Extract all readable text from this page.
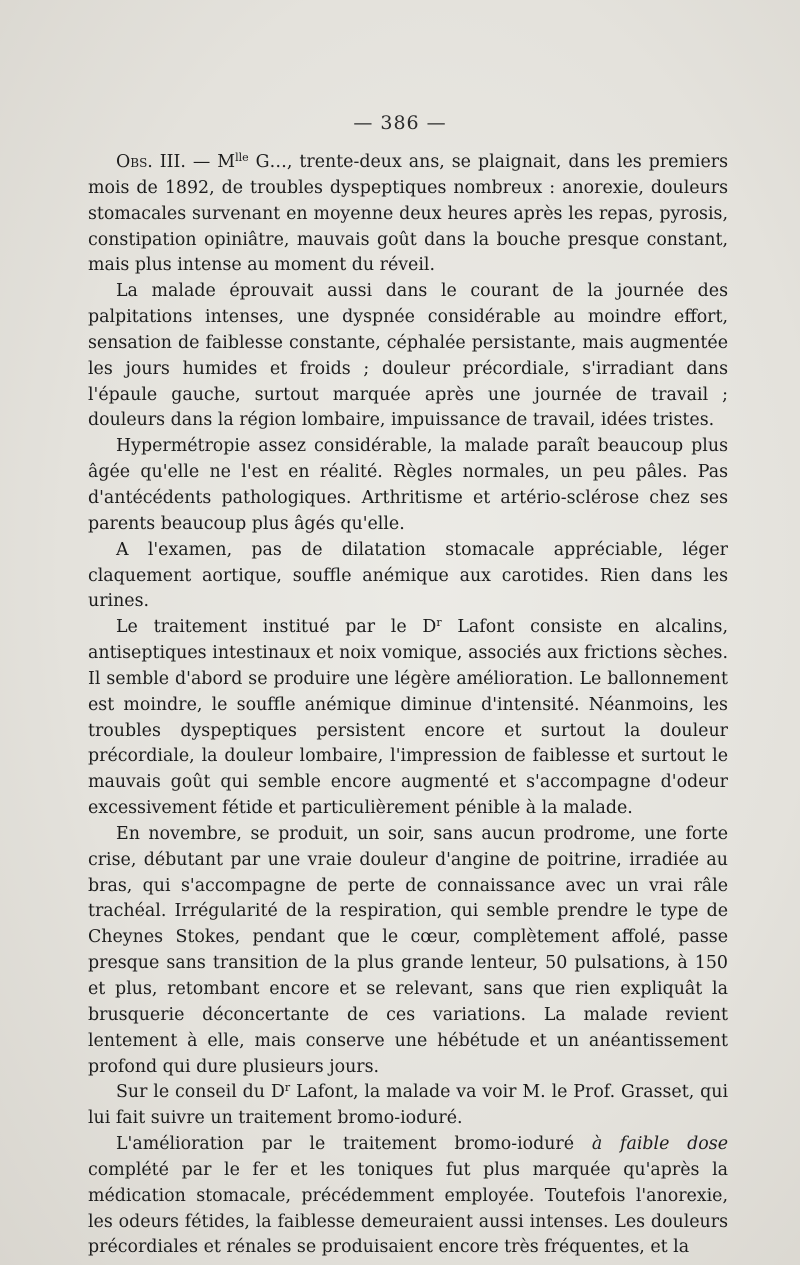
— 386 —

Obs. III. — $M^{lle}$ G…, trente-deux ans, se plaignait, dans les premiers mois de 1892, de troubles dyspeptiques nombreux : anorexie, douleurs stomacales survenant en moyenne deux heures après les repas, pyrosis, constipation opiniâtre, mauvais goût dans la bouche presque constant, mais plus intense au moment du réveil.

La malade éprouvait aussi dans le courant de la journée des palpitations intenses, une dyspnée considérable au moindre effort, sensation de faiblesse constante, céphalée persistante, mais augmentée les jours humides et froids ; douleur précordiale, s'irradiant dans l'épaule gauche, surtout marquée après une journée de travail ; douleurs dans la région lombaire, impuissance de travail, idées tristes.

Hypermétropie assez considérable, la malade paraît beaucoup plus âgée qu'elle ne l'est en réalité. Règles normales, un peu pâles. Pas d'antécédents pathologiques. Arthritisme et artério-sclérose chez ses parents beaucoup plus âgés qu'elle.

A l'examen, pas de dilatation stomacale appréciable, léger claquement aortique, souffle anémique aux carotides. Rien dans les urines.

Le traitement institué par le $D^r$ Lafont consiste en alcalins, antiseptiques intestinaux et noix vomique, associés aux frictions sèches. Il semble d'abord se produire une légère amélioration. Le ballonnement est moindre, le souffle anémique diminue d'intensité. Néanmoins, les troubles dyspeptiques persistent encore et surtout la douleur précordiale, la douleur lombaire, l'impression de faiblesse et surtout le mauvais goût qui semble encore augmenté et s'accompagne d'odeur excessivement fétide et particulièrement pénible à la malade.

En novembre, se produit, un soir, sans aucun prodrome, une forte crise, débutant par une vraie douleur d'angine de poitrine, irradiée au bras, qui s'accompagne de perte de connaissance avec un vrai râle trachéal. Irrégularité de la respiration, qui semble prendre le type de Cheynes Stokes, pendant que le cœur, complètement affolé, passe presque sans transition de la plus grande lenteur, 50 pulsations, à 150 et plus, retombant encore et se relevant, sans que rien expliquât la brusquerie déconcertante de ces variations. La malade revient lentement à elle, mais conserve une hébétude et un anéantissement profond qui dure plusieurs jours.

Sur le conseil du $D^r$ Lafont, la malade va voir M. le Prof. Grasset, qui lui fait suivre un traitement bromo-ioduré.

L'amélioration par le traitement bromo-ioduré à faible dose complété par le fer et les toniques fut plus marquée qu'après la médication stomacale, précédemment employée. Toutefois l'anorexie, les odeurs fétides, la faiblesse demeuraient aussi intenses. Les douleurs précordiales et rénales se produisaient encore très fréquentes, et la
